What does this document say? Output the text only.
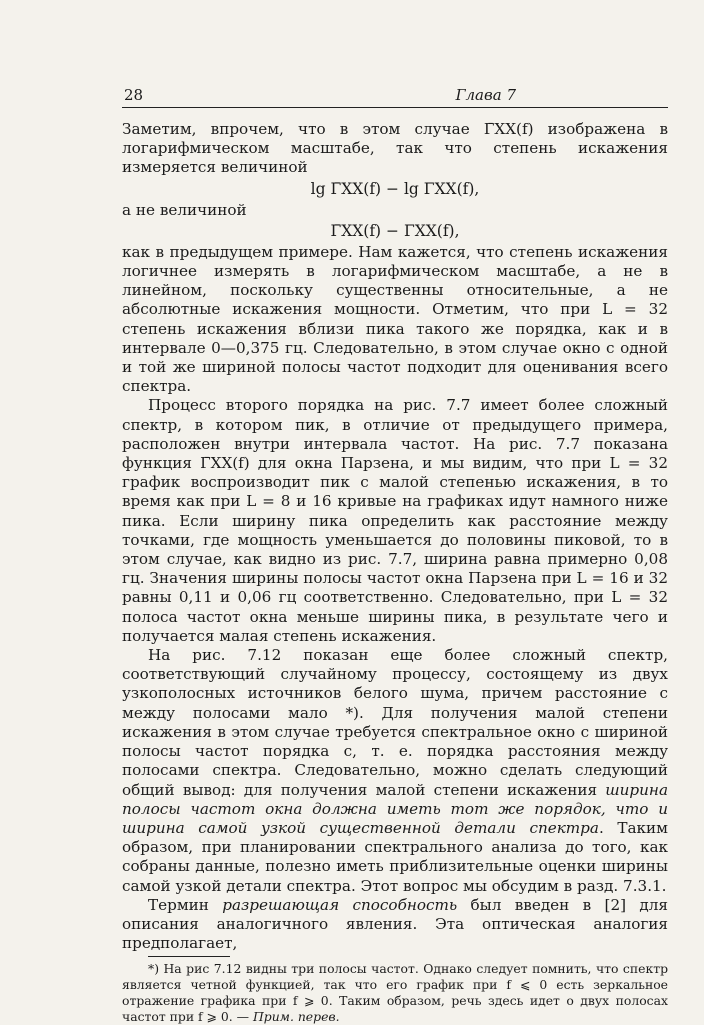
28	Глава 7

Заметим, впрочем, что в этом случае Γ̄XX(f) изображена в логарифмическом масштабе, так что степень искажения измеряется величиной

lg Γ̄XX(f) − lg ΓXX(f),

а не величиной

Γ̄XX(f) − ΓXX(f),

как в предыдущем примере. Нам кажется, что степень искажения логичнее измерять в логарифмическом масштабе, а не в линейном, поскольку существенны относительные, а не абсолютные искажения мощности. Отметим, что при L = 32 степень искажения вблизи пика такого же порядка, как и в интервале 0—0,375 гц. Следовательно, в этом случае окно с одной и той же шириной полосы частот подходит для оценивания всего спектра.

Процесс второго порядка на рис. 7.7 имеет более сложный спектр, в котором пик, в отличие от предыдущего примера, расположен внутри интервала частот. На рис. 7.7 показана функция Γ̄XX(f) для окна Парзена, и мы видим, что при L = 32 график воспроизводит пик с малой степенью искажения, в то время как при L = 8 и 16 кривые на графиках идут намного ниже пика. Если ширину пика определить как расстояние между точками, где мощность уменьшается до половины пиковой, то в этом случае, как видно из рис. 7.7, ширина равна примерно 0,08 гц. Значения ширины полосы частот окна Парзена при L = 16 и 32 равны 0,11 и 0,06 гц соответственно. Следовательно, при L = 32 полоса частот окна меньше ширины пика, в результате чего и получается малая степень искажения.

На рис. 7.12 показан еще более сложный спектр, соответствующий случайному процессу, состоящему из двух узкополосных источников белого шума, причем расстояние c между полосами мало *). Для получения малой степени искажения в этом случае требуется спектральное окно с шириной полосы частот порядка c, т. е. порядка расстояния между полосами спектра. Следовательно, можно сделать следующий общий вывод: для получения малой степени искажения ширина полосы частот окна должна иметь тот же порядок, что и ширина самой узкой существенной детали спектра. Таким образом, при планировании спектрального анализа до того, как собраны данные, полезно иметь приблизительные оценки ширины самой узкой детали спектра. Этот вопрос мы обсудим в разд. 7.3.1.

Термин разрешающая способность был введен в [2] для описания аналогичного явления. Эта оптическая аналогия предполагает,

*) На рис 7.12 видны три полосы частот. Однако следует помнить, что спектр является четной функцией, так что его график при f ⩽ 0 есть зеркальное отражение графика при f ⩾ 0. Таким образом, речь здесь идет о двух полосах частот при f ⩾ 0. — Прим. перев.
